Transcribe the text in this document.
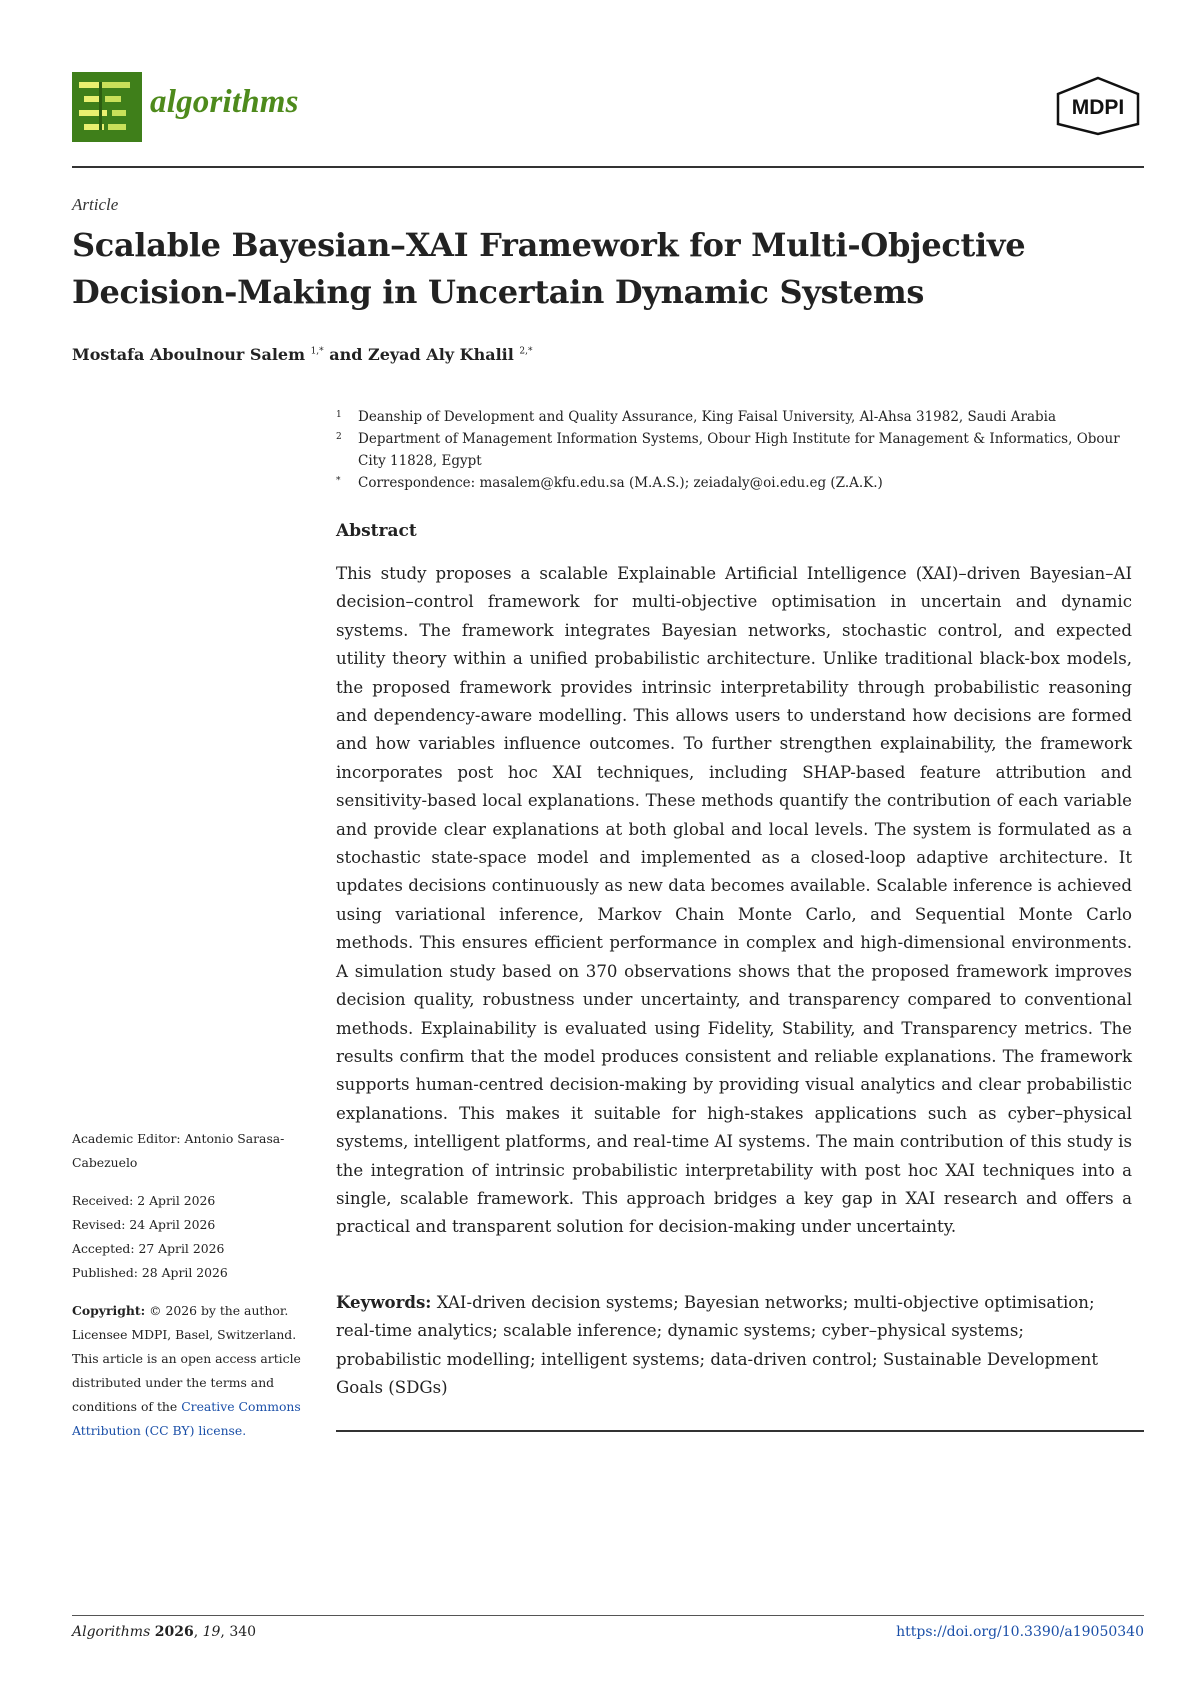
algorithms	MDPI
Article
Scalable Bayesian–XAI Framework for Multi-Objective Decision-Making in Uncertain Dynamic Systems
Mostafa Aboulnour Salem $^{1,*}$ and Zeyad Aly Khalil $^{2,*}$
1 Deanship of Development and Quality Assurance, King Faisal University, Al-Ahsa 31982, Saudi Arabia
2 Department of Management Information Systems, Obour High Institute for Management & Informatics, Obour City 11828, Egypt
* Correspondence: masalem@kfu.edu.sa (M.A.S.); zeiadaly@oi.edu.eg (Z.A.K.)
Abstract

This study proposes a scalable Explainable Artificial Intelligence (XAI)–driven Bayesian–AI decision–control framework for multi-objective optimisation in uncertain and dynamic systems. The framework integrates Bayesian networks, stochastic control, and expected utility theory within a unified probabilistic architecture. Unlike traditional black-box models, the proposed framework provides intrinsic interpretability through probabilistic reasoning and dependency-aware modelling. This allows users to understand how decisions are formed and how variables influence outcomes. To further strengthen explainability, the framework incorporates post hoc XAI techniques, including SHAP-based feature attribution and sensitivity-based local explanations. These methods quantify the contribution of each variable and provide clear explanations at both global and local levels. The system is formulated as a stochastic state-space model and implemented as a closed-loop adaptive architecture. It updates decisions continuously as new data becomes available. Scalable inference is achieved using variational inference, Markov Chain Monte Carlo, and Sequential Monte Carlo methods. This ensures efficient performance in complex and high-dimensional environments. A simulation study based on 370 observations shows that the proposed framework improves decision quality, robustness under uncertainty, and transparency compared to conventional methods. Explainability is evaluated using Fidelity, Stability, and Transparency metrics. The results confirm that the model produces consistent and reliable explanations. The framework supports human-centred decision-making by providing visual analytics and clear probabilistic explanations. This makes it suitable for high-stakes applications such as cyber–physical systems, intelligent platforms, and real-time AI systems. The main contribution of this study is the integration of intrinsic probabilistic interpretability with post hoc XAI techniques into a single, scalable framework. This approach bridges a key gap in XAI research and offers a practical and transparent solution for decision-making under uncertainty.

Keywords: XAI-driven decision systems; Bayesian networks; multi-objective optimisation; real-time analytics; scalable inference; dynamic systems; cyber–physical systems; probabilistic modelling; intelligent systems; data-driven control; Sustainable Development Goals (SDGs)

Academic Editor: Antonio Sarasa-Cabezuelo

Received: 2 April 2026

Revised: 24 April 2026

Accepted: 27 April 2026

Published: 28 April 2026

Copyright: © 2026 by the author. Licensee MDPI, Basel, Switzerland. This article is an open access article distributed under the terms and conditions of the Creative Commons Attribution (CC BY) license.

Algorithms 2026, 19, 340	https://doi.org/10.3390/a19050340
